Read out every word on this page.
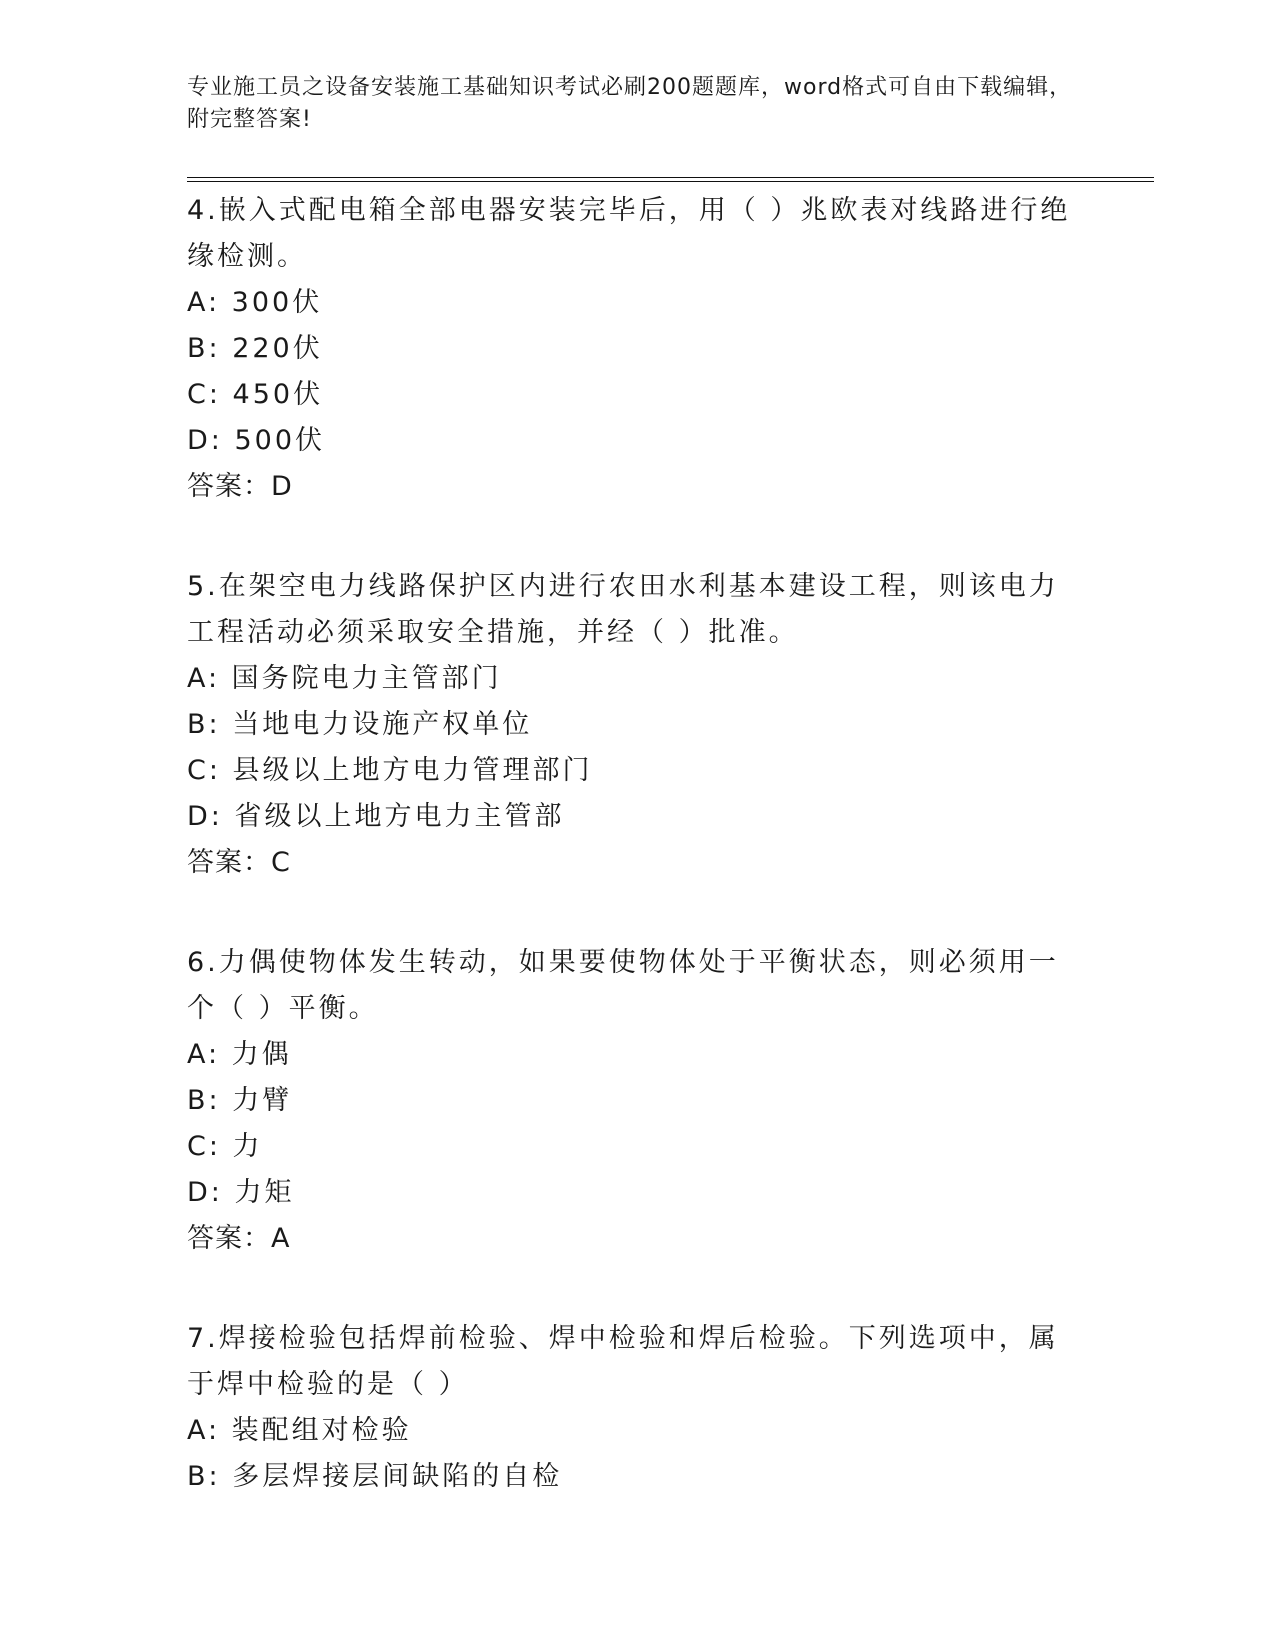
专业施工员之设备安装施工基础知识考试必刷200题题库，word格式可自由下载编辑，附完整答案!

4.嵌入式配电箱全部电器安装完毕后，用（ ）兆欧表对线路进行绝缘检测。

A: 300伏
B: 220伏
C: 450伏
D: 500伏
答案：D

5.在架空电力线路保护区内进行农田水利基本建设工程，则该电力工程活动必须采取安全措施，并经（ ）批准。

A: 国务院电力主管部门
B: 当地电力设施产权单位
C: 县级以上地方电力管理部门
D: 省级以上地方电力主管部
答案：C

6.力偶使物体发生转动，如果要使物体处于平衡状态，则必须用一个（ ）平衡。

A: 力偶
B: 力臂
C: 力
D: 力矩
答案：A

7.焊接检验包括焊前检验、焊中检验和焊后检验。下列选项中，属于焊中检验的是（ ）

A: 装配组对检验
B: 多层焊接层间缺陷的自检
